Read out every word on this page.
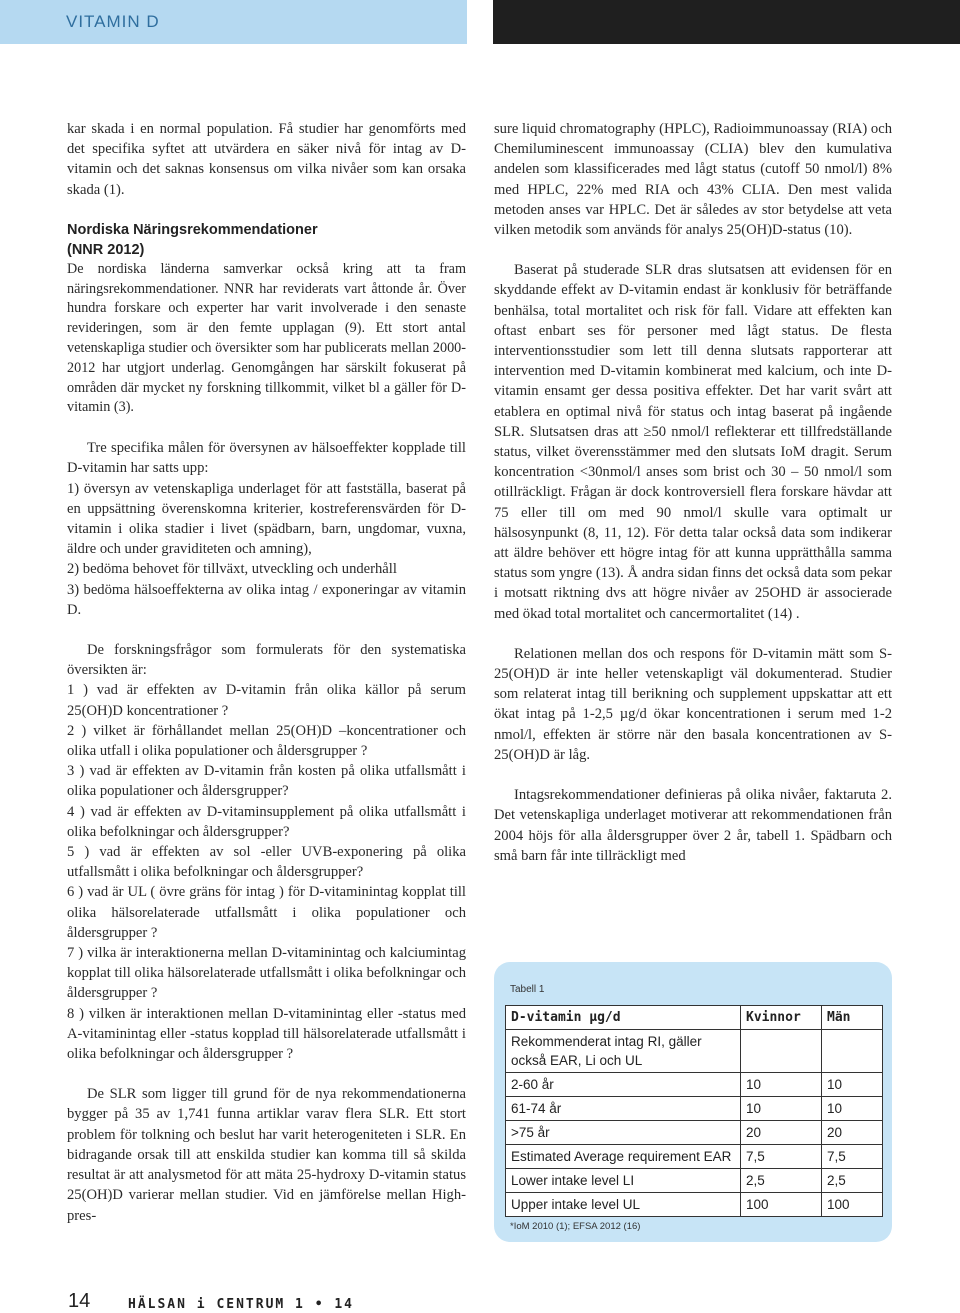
VITAMIN D

kar skada i en normal population. Få studier har genomförts med det specifika syftet att utvärdera en säker nivå för intag av D-vitamin och det saknas konsensus om vilka nivåer som kan orsaka skada (1).

Nordiska Näringsrekommendationer
(NNR 2012)

De nordiska länderna samverkar också kring att ta fram näringsrekommendationer. NNR har reviderats vart åttonde år. Över hundra forskare och experter har varit involverade i den senaste revideringen, som är den femte upplagan (9). Ett stort antal vetenskapliga studier och översikter som har publicerats mellan 2000-2012 har utgjort underlag. Genomgången har särskilt fokuserat på områden där mycket ny forskning tillkommit, vilket bl a gäller för D-vitamin (3).

Tre specifika målen för översynen av hälsoeffekter kopplade till D-vitamin har satts upp:

1) översyn av vetenskapliga underlaget för att fastställa, baserat på en uppsättning överenskomna kriterier, kostreferensvärden för D-vitamin i olika stadier i livet (spädbarn, barn, ungdomar, vuxna, äldre och under graviditeten och amning),

2) bedöma behovet för tillväxt, utveckling och underhåll

3) bedöma hälsoeffekterna av olika intag / exponeringar av vitamin D.

De forskningsfrågor som formulerats för den systematiska översikten är:

1 ) vad är effekten av D-vitamin från olika källor på serum 25(OH)D koncentrationer ?

2 ) vilket är förhållandet mellan 25(OH)D –koncentrationer och olika utfall i olika populationer och åldersgrupper ?

3 ) vad är effekten av D-vitamin från kosten på olika utfallsmått i olika populationer och åldersgrupper?

4 ) vad är effekten av D-vitaminsupplement på olika utfallsmått i olika befolkningar och åldersgrupper?

5 ) vad är effekten av sol -eller UVB-exponering på olika utfallsmått i olika befolkningar och åldersgrupper?

6 ) vad är UL ( övre gräns för intag ) för D-vitaminintag kopplat till olika hälsorelaterade utfallsmått i olika populationer och åldersgrupper ?

7 ) vilka är interaktionerna mellan D-vitaminintag och kalciumintag kopplat till olika hälsorelaterade utfallsmått i olika befolkningar och åldersgrupper ?

8 ) vilken är interaktionen mellan D-vitaminintag eller -status med A-vitaminintag eller -status kopplad till hälsorelaterade utfallsmått i olika befolkningar och åldersgrupper ?

De SLR som ligger till grund för de nya rekommendationerna bygger på 35 av 1,741 funna artiklar varav flera SLR. Ett stort problem för tolkning och beslut har varit heterogeniteten i SLR. En bidragande orsak till att enskilda studier kan komma till så skilda resultat är att analysmetod för att mäta 25-hydroxy D-vitamin status 25(OH)D varierar mellan studier. Vid en jämförelse mellan High-pres-

sure liquid chromatography (HPLC), Radioimmunoassay (RIA) och Chemiluminescent immunoassay (CLIA) blev den kumulativa andelen som klassificerades med lågt status (cutoff 50 nmol/l) 8% med HPLC, 22% med RIA och 43% CLIA. Den mest valida metoden anses var HPLC. Det är således av stor betydelse att veta vilken metodik som används för analys 25(OH)D-status (10).

Baserat på studerade SLR dras slutsatsen att evidensen för en skyddande effekt av D-vitamin endast är konklusiv för beträffande benhälsa, total mortalitet och risk för fall. Vidare att effekten kan oftast enbart ses för personer med lågt status. De flesta interventionsstudier som lett till denna slutsats rapporterar att intervention med D-vitamin kombinerat med kalcium, och inte D-vitamin ensamt ger dessa positiva effekter. Det har varit svårt att etablera en optimal nivå för status och intag baserat på ingående SLR. Slutsatsen dras att ≥50 nmol/l reflekterar ett tillfredställande status, vilket överensstämmer med den slutsats IoM dragit. Serum koncentration <30nmol/l anses som brist och 30 – 50 nmol/l som otillräckligt. Frågan är dock kontroversiell flera forskare hävdar att 75 eller till om med 90 nmol/l skulle vara optimalt ur hälsosynpunkt (8, 11, 12). För detta talar också data som indikerar att äldre behöver ett högre intag för att kunna upprätthålla samma status som yngre (13). Å andra sidan finns det också data som pekar i motsatt riktning dvs att högre nivåer av 25OHD är associerade med ökad total mortalitet och cancermortalitet (14) .

Relationen mellan dos och respons för D-vitamin mätt som S-25(OH)D är inte heller vetenskapligt väl dokumenterad. Studier som relaterat intag till berikning och supplement uppskattar att ett ökat intag på 1-2,5 µg/d ökar koncentrationen i serum med 1-2 nmol/l, effekten är större när den basala koncentrationen av S-25(OH)D är låg.

Intagsrekommendationer definieras på olika nivåer, faktaruta 2. Det vetenskapliga underlaget motiverar att rekommendationen från 2004 höjs för alla åldersgrupper över 2 år, tabell 1. Spädbarn och små barn får inte tillräckligt med

Tabell 1
D-vitamin µg/d	Kvinnor	Män
Rekommenderat intag RI, gäller också EAR, Li och UL		
2-60 år	10	10
61-74 år	10	10
>75 år	20	20
Estimated Average requirement EAR	7,5	7,5
Lower intake level LI	2,5	2,5
Upper intake level UL	100	100
*IoM 2010 (1); EFSA 2012 (16)
14	HÄLSAN i CENTRUM 1 • 14
